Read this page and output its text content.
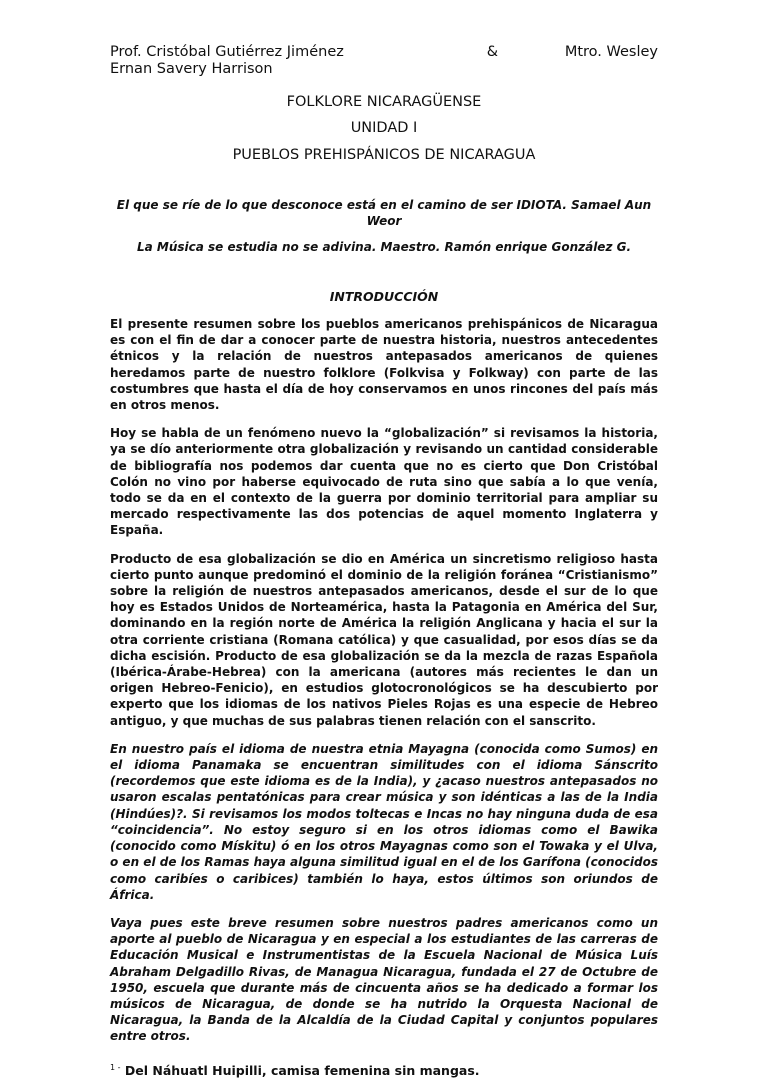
Prof. Cristóbal Gutiérrez Jiménez	&	Mtro. Wesley
Ernan Savery Harrison
FOLKLORE NICARAGÜENSE
UNIDAD I
PUEBLOS PREHISPÁNICOS DE NICARAGUA
El que se ríe de lo que desconoce está en el camino de ser IDIOTA. Samael Aun Weor
La Música se estudia no se adivina. Maestro. Ramón enrique González G.
INTRODUCCIÓN

El presente resumen sobre los pueblos americanos prehispánicos de Nicaragua es con el fin de dar a conocer parte de nuestra historia, nuestros antecedentes étnicos y la relación de nuestros antepasados americanos de quienes heredamos parte de nuestro folklore (Folkvisa y Folkway) con parte de las costumbres que hasta el día de hoy conservamos en unos rincones del país más en otros menos.

Hoy se habla de un fenómeno nuevo la “globalización” si revisamos la historia, ya se dío anteriormente otra globalización y revisando un cantidad considerable de bibliografía nos podemos dar cuenta que no es cierto que Don Cristóbal Colón no vino por haberse equivocado de ruta sino que sabía a lo que venía, todo se da en el contexto de la guerra por dominio territorial para ampliar su mercado respectivamente las dos potencias de aquel momento Inglaterra y España.

Producto de esa globalización se dio en América un sincretismo religioso hasta cierto punto aunque predominó el dominio de la religión foránea “Cristianismo” sobre la religión de nuestros antepasados americanos, desde el sur de lo que hoy es Estados Unidos de Norteamérica, hasta la Patagonia en América del Sur, dominando en la región norte de América la religión Anglicana y hacia el sur la otra corriente cristiana (Romana católica) y que casualidad, por esos días se da dicha escisión. Producto de esa globalización se da la mezcla de razas Española (Ibérica-Árabe-Hebrea) con la americana (autores más recientes le dan un origen Hebreo-Fenicio), en estudios glotocronológicos se ha descubierto por experto que los idiomas de los nativos Pieles Rojas es una especie de Hebreo antiguo, y que muchas de sus palabras tienen relación con el sanscrito.

En nuestro país el idioma de nuestra etnia Mayagna (conocida como Sumos) en el idioma Panamaka se encuentran similitudes con el idioma Sánscrito (recordemos que este idioma es de la India), y ¿acaso nuestros antepasados no usaron escalas pentatónicas para crear música y son idénticas a las de la India (Hindúes)?. Si revisamos los modos toltecas e Incas no hay ninguna duda de esa “coincidencia”. No estoy seguro si en los otros idiomas como el Bawika (conocido como Mískitu) ó en los otros Mayagnas como son el Towaka y el Ulva, o en el de los Ramas haya alguna similitud igual en el de los Garífona (conocidos como caribíes o caribices) también lo haya, estos últimos son oriundos de África.

Vaya pues este breve resumen sobre nuestros padres americanos como un aporte al pueblo de Nicaragua y en especial a los estudiantes de las carreras de Educación Musical e Instrumentistas de la Escuela Nacional de Música Luís Abraham Delgadillo Rivas, de Managua Nicaragua, fundada el 27 de Octubre de 1950, escuela que durante más de cincuenta años se ha dedicado a formar los músicos de Nicaragua, de donde se ha nutrido la Orquesta Nacional de Nicaragua, la Banda de la Alcaldía de la Ciudad Capital y conjuntos populares entre otros.

$^{1 -}$ Del Náhuatl Huipilli, camisa femenina sin mangas.
